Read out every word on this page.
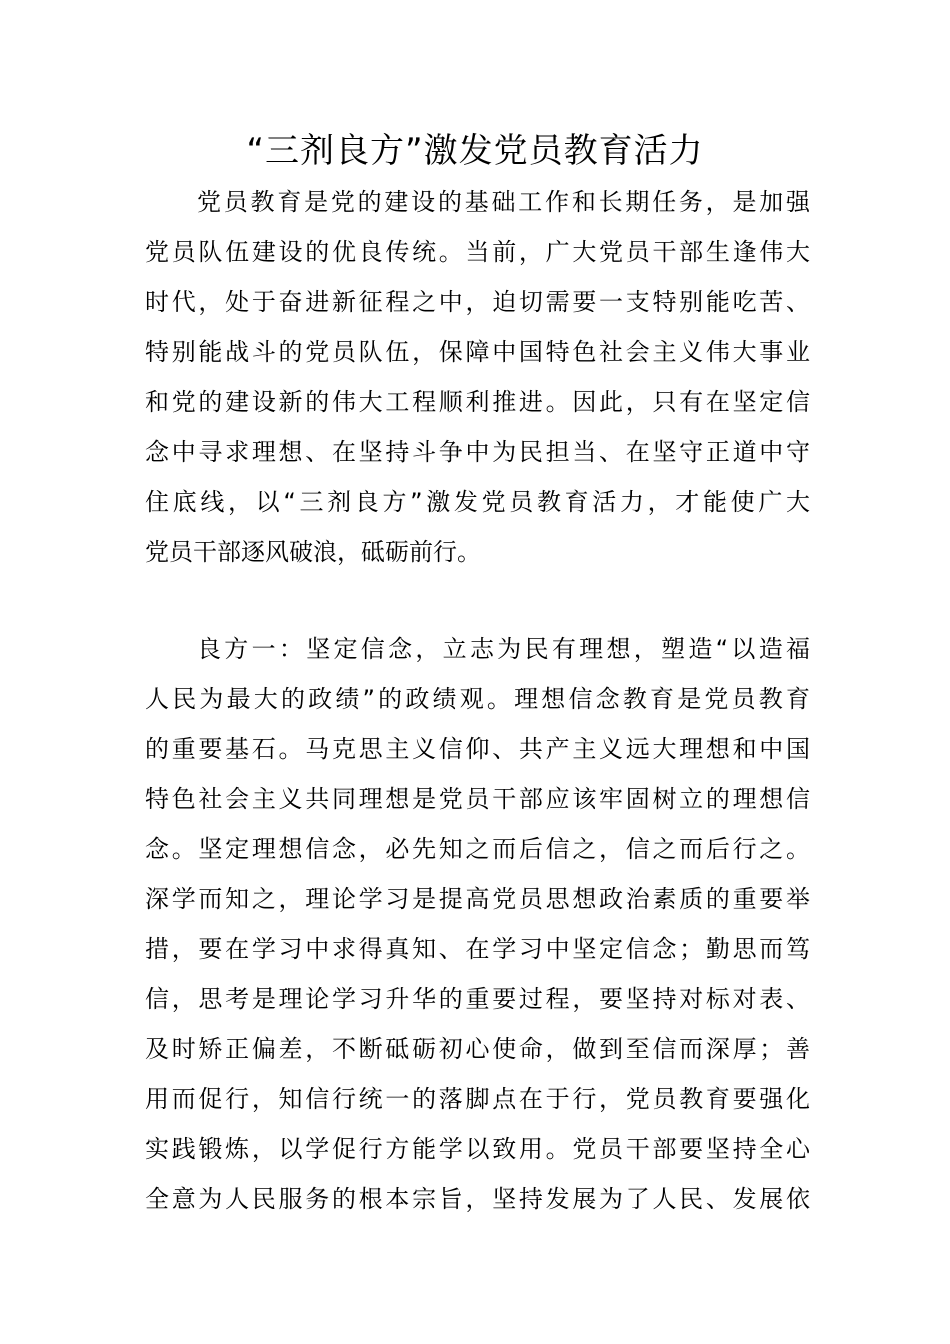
“三剂良方”激发党员教育活力
党员教育是党的建设的基础工作和长期任务，是加强
党员队伍建设的优良传统。当前，广大党员干部生逢伟大
时代，处于奋进新征程之中，迫切需要一支特别能吃苦、
特别能战斗的党员队伍，保障中国特色社会主义伟大事业
和党的建设新的伟大工程顺利推进。因此，只有在坚定信
念中寻求理想、在坚持斗争中为民担当、在坚守正道中守
住底线，以“三剂良方”激发党员教育活力，才能使广大
党员干部逐风破浪，砥砺前行。
良方一：坚定信念，立志为民有理想，塑造“以造福
人民为最大的政绩”的政绩观。理想信念教育是党员教育
的重要基石。马克思主义信仰、共产主义远大理想和中国
特色社会主义共同理想是党员干部应该牢固树立的理想信
念。坚定理想信念，必先知之而后信之，信之而后行之。
深学而知之，理论学习是提高党员思想政治素质的重要举
措，要在学习中求得真知、在学习中坚定信念；勤思而笃
信，思考是理论学习升华的重要过程，要坚持对标对表、
及时矫正偏差，不断砥砺初心使命，做到至信而深厚；善
用而促行，知信行统一的落脚点在于行，党员教育要强化
实践锻炼，以学促行方能学以致用。党员干部要坚持全心
全意为人民服务的根本宗旨，坚持发展为了人民、发展依
